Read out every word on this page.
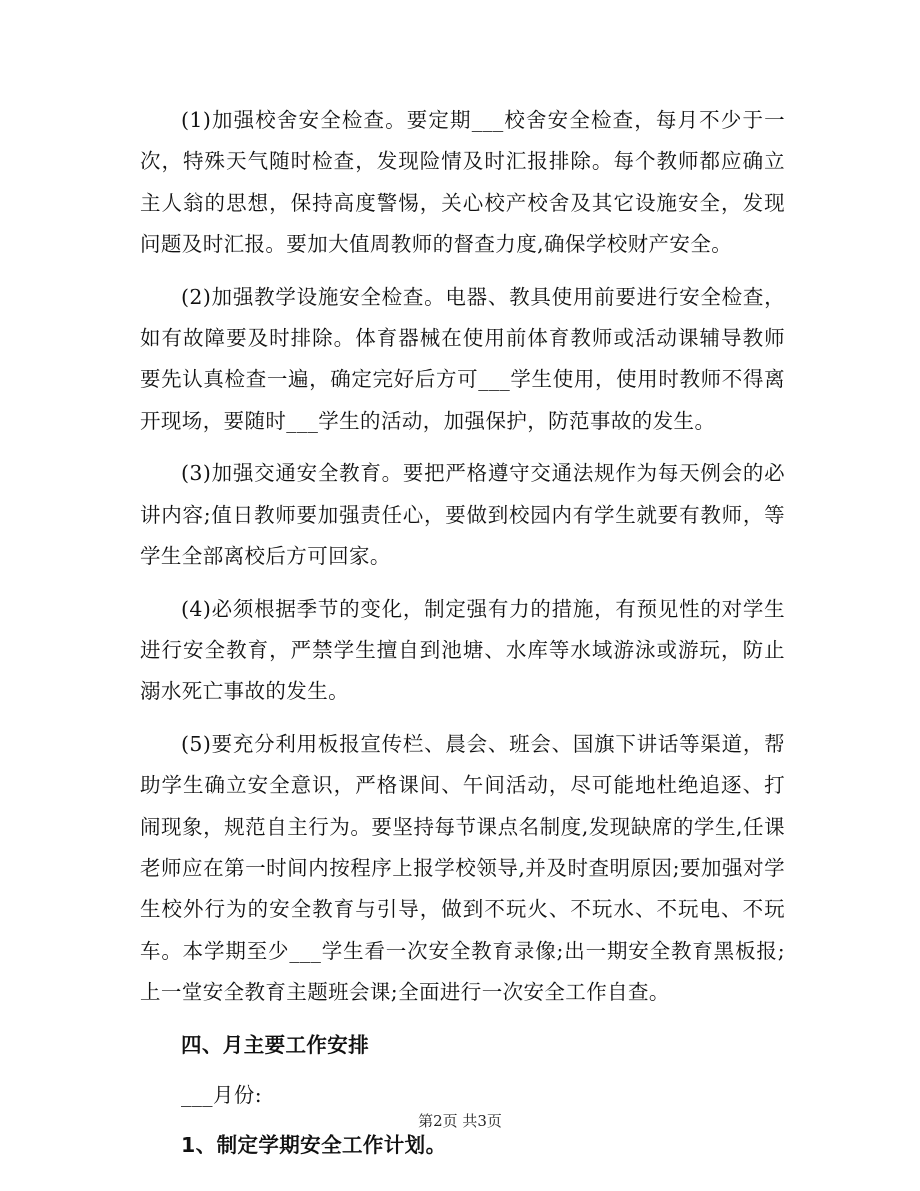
(1)加强校舍安全检查。要定期___校舍安全检查，每月不少于一次，特殊天气随时检查，发现险情及时汇报排除。每个教师都应确立主人翁的思想，保持高度警惕，关心校产校舍及其它设施安全，发现问题及时汇报。要加大值周教师的督查力度,确保学校财产安全。

(2)加强教学设施安全检查。电器、教具使用前要进行安全检查，如有故障要及时排除。体育器械在使用前体育教师或活动课辅导教师要先认真检查一遍，确定完好后方可___学生使用，使用时教师不得离开现场，要随时___学生的活动，加强保护，防范事故的发生。

(3)加强交通安全教育。要把严格遵守交通法规作为每天例会的必讲内容;值日教师要加强责任心，要做到校园内有学生就要有教师，等学生全部离校后方可回家。

(4)必须根据季节的变化，制定强有力的措施，有预见性的对学生进行安全教育，严禁学生擅自到池塘、水库等水域游泳或游玩，防止溺水死亡事故的发生。

(5)要充分利用板报宣传栏、晨会、班会、国旗下讲话等渠道，帮助学生确立安全意识，严格课间、午间活动，尽可能地杜绝追逐、打闹现象，规范自主行为。要坚持每节课点名制度,发现缺席的学生,任课老师应在第一时间内按程序上报学校领导,并及时查明原因;要加强对学生校外行为的安全教育与引导，做到不玩火、不玩水、不玩电、不玩车。本学期至少___学生看一次安全教育录像;出一期安全教育黑板报;上一堂安全教育主题班会课;全面进行一次安全工作自查。

四、月主要工作安排

___月份:

1、制定学期安全工作计划。

第2页 共3页
